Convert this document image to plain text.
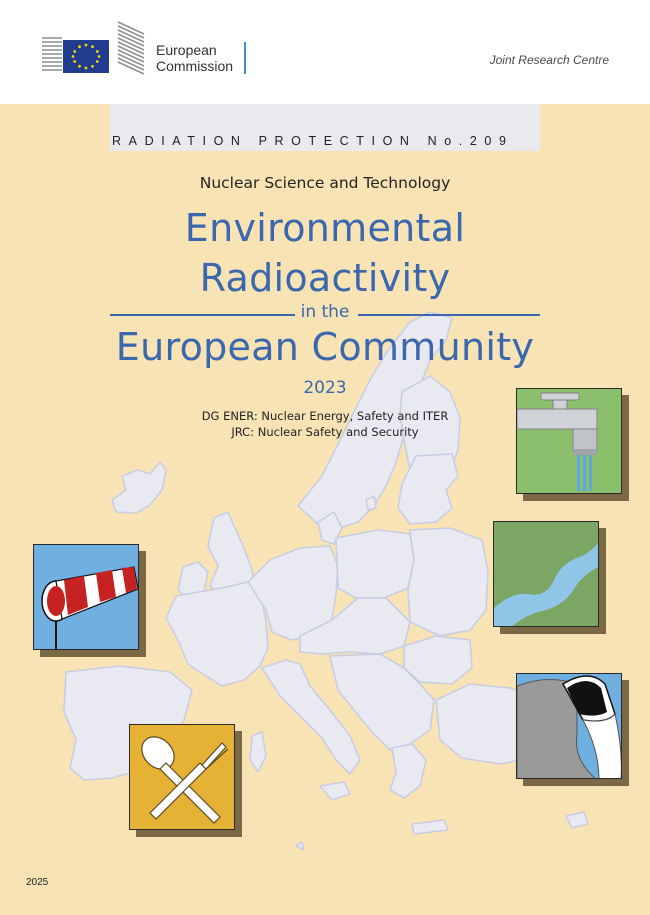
European
Commission	Joint Research Centre
RADIATION PROTECTION No.209
Nuclear Science and Technology
Environmental
Radioactivity
in the
European Community
2023
DG ENER: Nuclear Energy, Safety and ITER
JRC: Nuclear Safety and Security
2025
